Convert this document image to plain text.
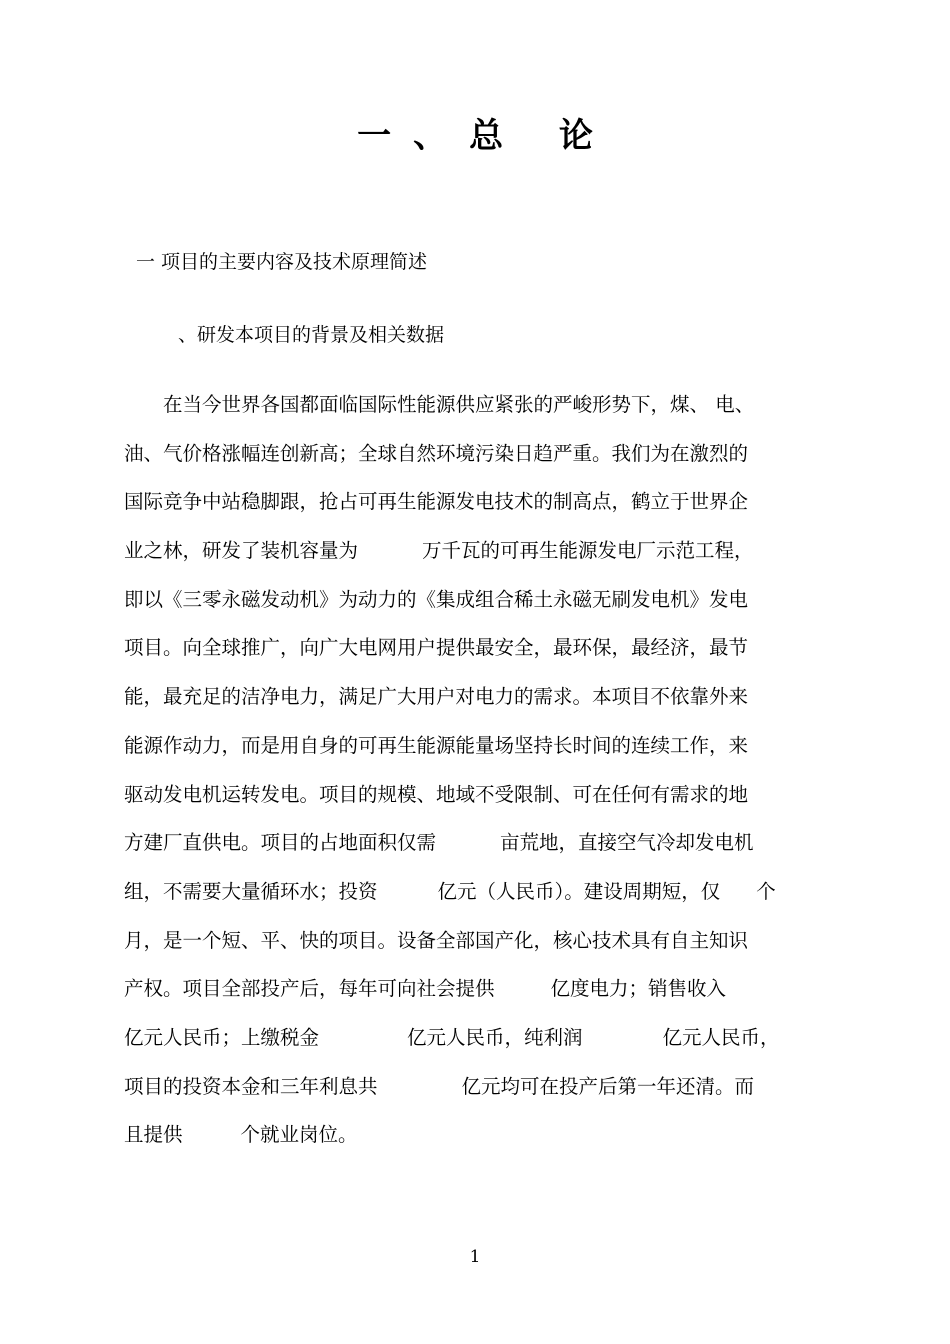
一、总 论
一 项目的主要内容及技术原理简述
、研发本项目的背景及相关数据
　　在当今世界各国都面临国际性能源供应紧张的严峻形势下，煤、 电、
油、气价格涨幅连创新高；全球自然环境污染日趋严重。我们为在激烈的
国际竞争中站稳脚跟，抢占可再生能源发电技术的制高点，鹤立于世界企
业之林，研发了装机容量为	万千瓦的可再生能源发电厂示范工程，
即以《三零永磁发动机》为动力的《集成组合稀土永磁无刷发电机》发电
项目。向全球推广，向广大电网用户提供最安全，最环保，最经济，最节
能，最充足的洁净电力，满足广大用户对电力的需求。本项目不依靠外来
能源作动力，而是用自身的可再生能源能量场坚持长时间的连续工作，来
驱动发电机运转发电。项目的规模、地域不受限制、可在任何有需求的地
方建厂直供电。项目的占地面积仅需	亩荒地，直接空气冷却发电机
组，不需要大量循环水；投资	亿元（人民币）。建设周期短，仅 个
月，是一个短、平、快的项目。设备全部国产化，核心技术具有自主知识
产权。项目全部投产后，每年可向社会提供	亿度电力；销售收入
亿元人民币；上缴税金	亿元人民币，纯利润	亿元人民币，
项目的投资本金和三年利息共	亿元均可在投产后第一年还清。而
且提供	个就业岗位。
1
